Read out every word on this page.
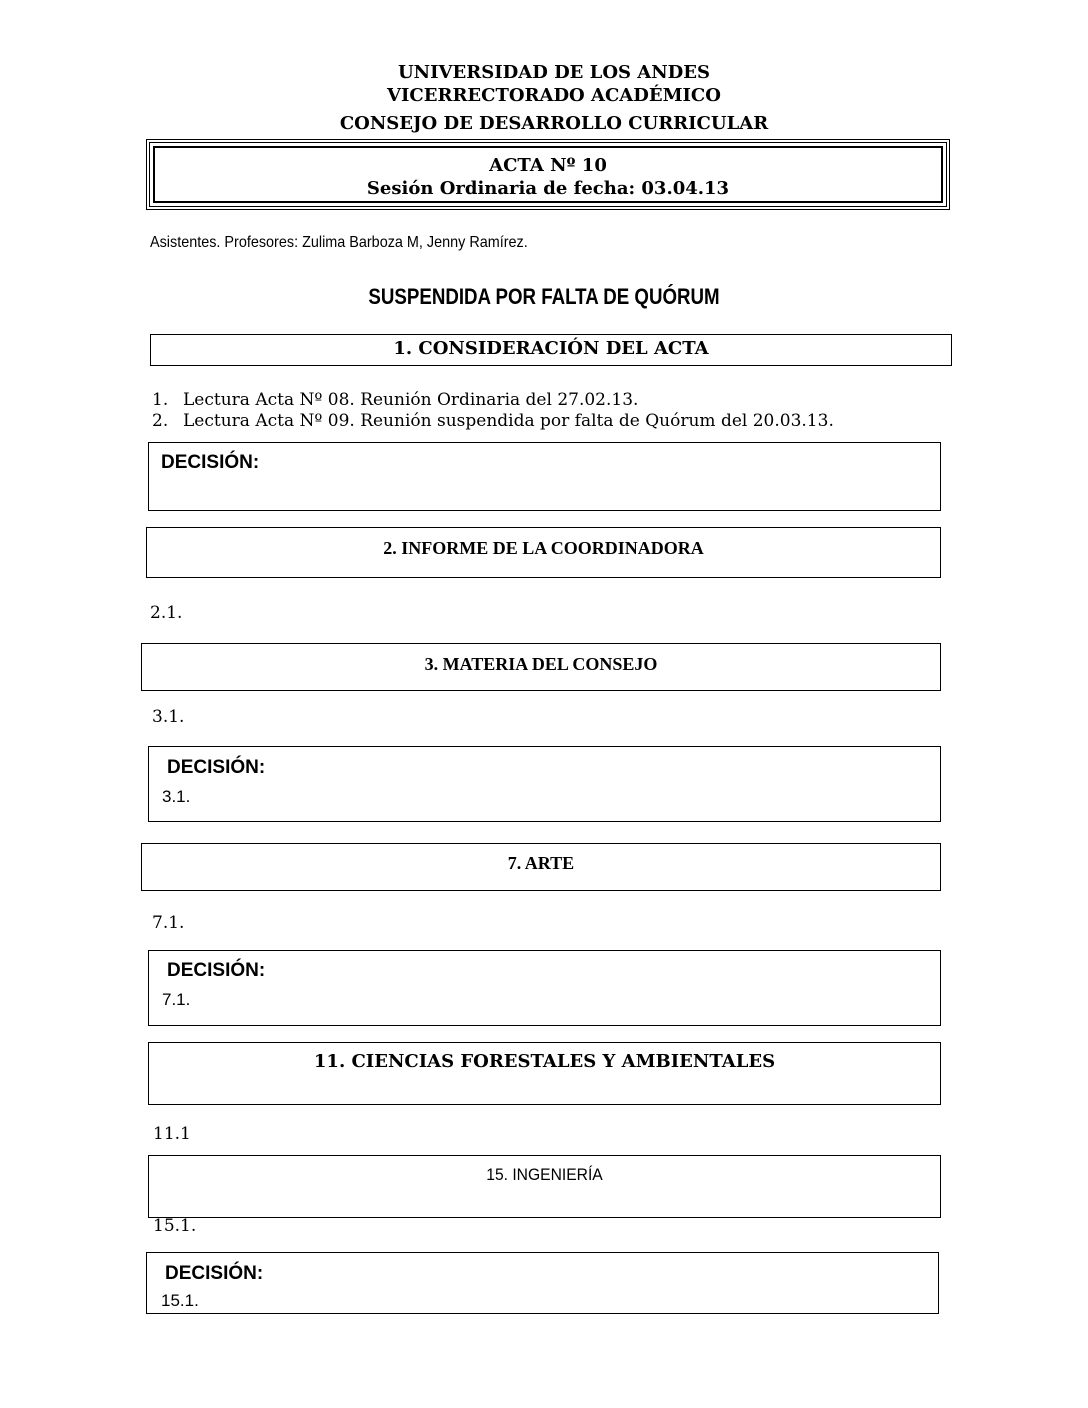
UNIVERSIDAD DE LOS ANDES
VICERRECTORADO ACADÉMICO
CONSEJO DE DESARROLLO CURRICULAR
ACTA Nº 10
Sesión Ordinaria de fecha: 03.04.13
Asistentes. Profesores: Zulima Barboza M, Jenny Ramírez.
SUSPENDIDA POR FALTA DE QUÓRUM
1. CONSIDERACIÓN DEL ACTA
1. Lectura Acta Nº 08. Reunión Ordinaria del 27.02.13.
2. Lectura Acta Nº 09. Reunión suspendida por falta de Quórum del 20.03.13.
DECISIÓN:
2. INFORME DE LA COORDINADORA
2.1.
3. MATERIA DEL CONSEJO
3.1.
DECISIÓN:
3.1.
7. ARTE
7.1.
DECISIÓN:
7.1.
11. CIENCIAS FORESTALES Y AMBIENTALES
11.1
15. INGENIERÍA
15.1.
DECISIÓN:
15.1.
